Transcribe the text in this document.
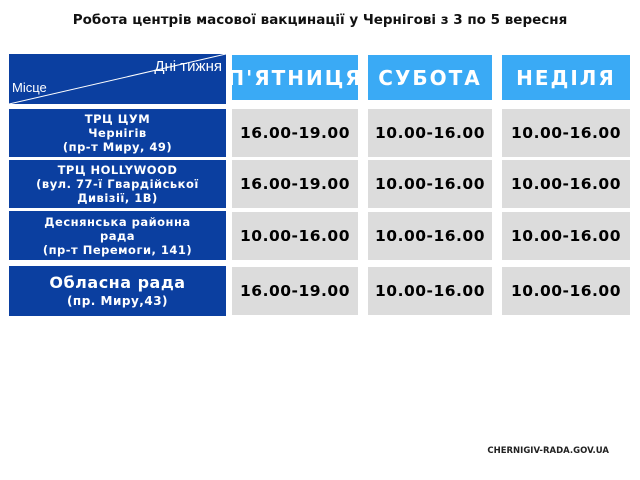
Робота центрів масової вакцинації у Чернігові з 3 по 5 вересня
Дні тижня
Місце	П'ЯТНИЦЯ СУБОТА	НЕДІЛЯ
ТРЦ ЦУМ
Чернігів
(пр-т Миру, 49)
16.00-19.00	10.00-16.00	10.00-16.00
ТРЦ HOLLYWOOD
(вул. 77-ї Гвардійської
Дивізії, 1В)
16.00-19.00	10.00-16.00	10.00-16.00
Деснянська районна
рада
(пр-т Перемоги, 141)
10.00-16.00	10.00-16.00	10.00-16.00
Обласна рада
(пр. Миру,43)
16.00-19.00	10.00-16.00	10.00-16.00
CHERNIGIV-RADA.GOV.UA
